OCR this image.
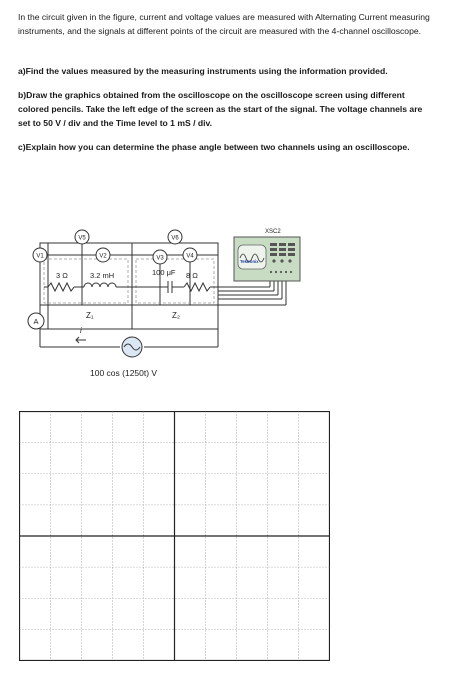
In the circuit given in the figure, current and voltage values are measured with Alternating Current measuring instruments, and the signals at different points of the circuit are measured with the 4-channel oscilloscope.
a)Find the values measured by the measuring instruments using the information provided.
b)Draw the graphics obtained from the oscilloscope on the oscilloscope screen using different colored pencils. Take the left edge of the screen as the start of the signal. The voltage channels are set to 50 V / div and the Time level to 1 mS / div.
c)Explain how you can determine the phase angle between two channels using an oscilloscope.
V5	V6
V1	V2	V3	V4
3 Ω	3.2 mH	100 μF 8 Ω
Z₁	Z₂
A
i
100 cos (1250t) V
XSC2
Tektronix
